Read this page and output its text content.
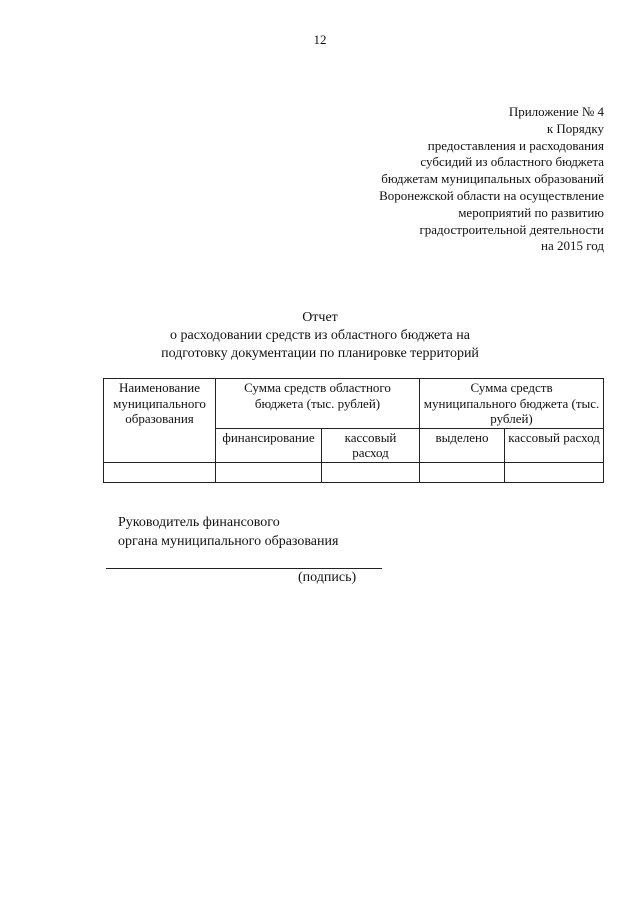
12
Приложение № 4
к Порядку
предоставления и расходования
субсидий из областного бюджета
бюджетам муниципальных образований
Воронежской области на осуществление
мероприятий по развитию
градостроительной деятельности
на 2015 год
Отчет
о расходовании средств из областного бюджета на
подготовку документации по планировке территорий
Наименование муниципального образования	Сумма средств областного бюджета (тыс. рублей)		Сумма средств муниципального бюджета (тыс. рублей)	
	финансирование	кассовый расход	выделено	кассовый расход

Руководитель финансового
органа муниципального образования
(подпись)
